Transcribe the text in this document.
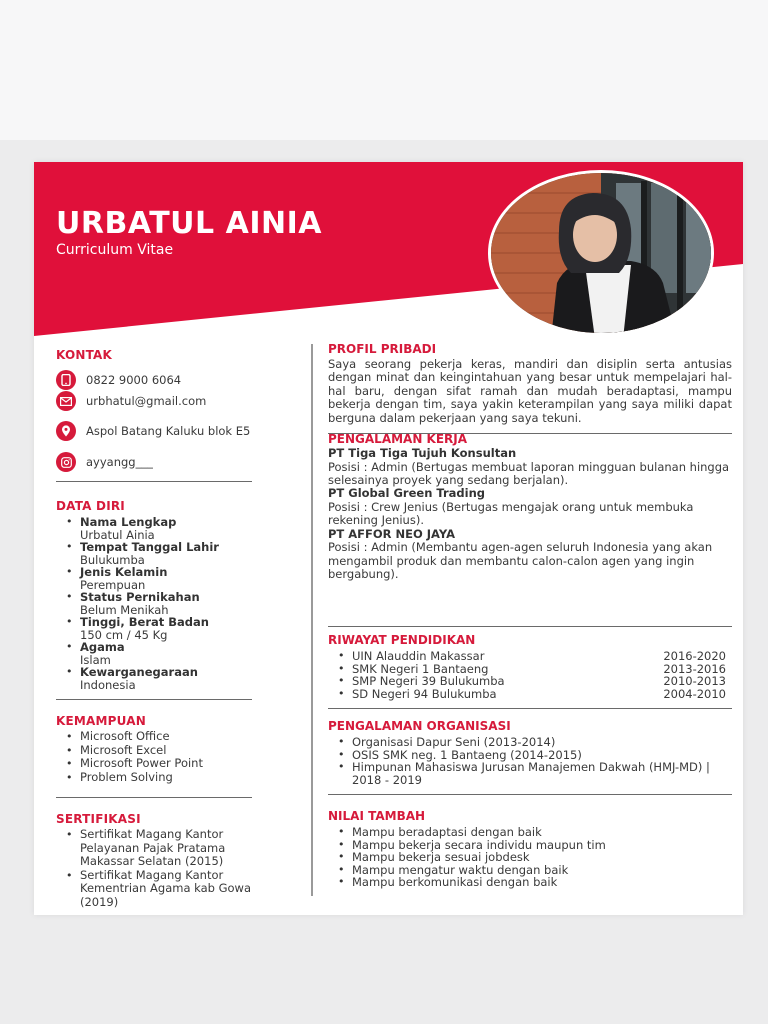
URBATUL AINIA
Curriculum Vitae
KONTAK
0822 9000 6064
urbhatul@gmail.com
Aspol Batang Kaluku blok E5
ayyangg___
DATA DIRI
• Nama Lengkap
Urbatul Ainia
• Tempat Tanggal Lahir
Bulukumba
• Jenis Kelamin
Perempuan
• Status Pernikahan
Belum Menikah
• Tinggi, Berat Badan
150 cm / 45 Kg
• Agama
Islam
• Kewarganegaraan
Indonesia
KEMAMPUAN
• Microsoft Office
• Microsoft Excel
• Microsoft Power Point
• Problem Solving
SERTIFIKASI
• Sertifikat Magang Kantor Pelayanan Pajak Pratama Makassar Selatan (2015)
• Sertifikat Magang Kantor Kementrian Agama kab Gowa (2019)
PROFIL PRIBADI
Saya seorang pekerja keras, mandiri dan disiplin serta antusias dengan minat dan keingintahuan yang besar untuk mempelajari hal-hal baru, dengan sifat ramah dan mudah beradaptasi, mampu bekerja dengan tim, saya yakin keterampilan yang saya miliki dapat berguna dalam pekerjaan yang saya tekuni.
PENGALAMAN KERJA
PT Tiga Tiga Tujuh Konsultan
Posisi : Admin (Bertugas membuat laporan mingguan bulanan hingga selesainya proyek yang sedang berjalan).
PT Global Green Trading
Posisi : Crew Jenius (Bertugas mengajak orang untuk membuka rekening Jenius).
PT AFFOR NEO JAYA
Posisi : Admin (Membantu agen-agen seluruh Indonesia yang akan mengambil produk dan membantu calon-calon agen yang ingin bergabung).
RIWAYAT PENDIDIKAN
• UIN Alauddin Makassar	2016-2020
• SMK Negeri 1 Bantaeng	2013-2016
• SMP Negeri 39 Bulukumba	2010-2013
• SD Negeri 94 Bulukumba	2004-2010
PENGALAMAN ORGANISASI
• Organisasi Dapur Seni (2013-2014)
• OSIS SMK neg. 1 Bantaeng (2014-2015)
• Himpunan Mahasiswa Jurusan Manajemen Dakwah (HMJ-MD) | 2018 - 2019
NILAI TAMBAH
• Mampu beradaptasi dengan baik
• Mampu bekerja secara individu maupun tim
• Mampu bekerja sesuai jobdesk
• Mampu mengatur waktu dengan baik
• Mampu berkomunikasi dengan baik
